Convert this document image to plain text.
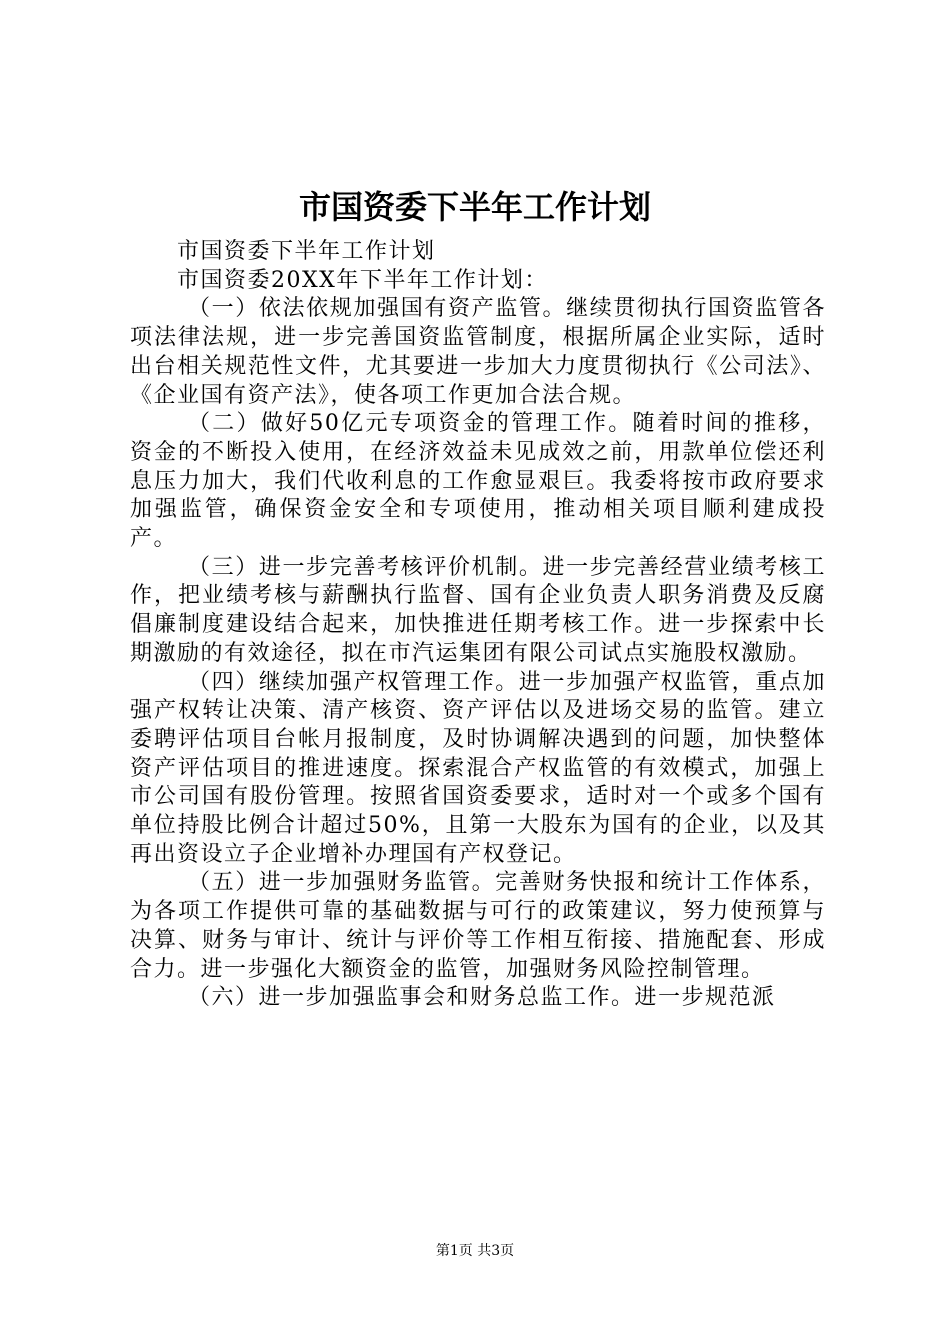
市国资委下半年工作计划

市国资委下半年工作计划

市国资委20XX年下半年工作计划：

（一）依法依规加强国有资产监管。继续贯彻执行国资监管各项法律法规，进一步完善国资监管制度，根据所属企业实际，适时出台相关规范性文件，尤其要进一步加大力度贯彻执行《公司法》、《企业国有资产法》，使各项工作更加合法合规。

（二）做好50亿元专项资金的管理工作。随着时间的推移，资金的不断投入使用，在经济效益未见成效之前，用款单位偿还利息压力加大，我们代收利息的工作愈显艰巨。我委将按市政府要求加强监管，确保资金安全和专项使用，推动相关项目顺利建成投产。

（三）进一步完善考核评价机制。进一步完善经营业绩考核工作，把业绩考核与薪酬执行监督、国有企业负责人职务消费及反腐倡廉制度建设结合起来，加快推进任期考核工作。进一步探索中长期激励的有效途径，拟在市汽运集团有限公司试点实施股权激励。

（四）继续加强产权管理工作。进一步加强产权监管，重点加强产权转让决策、清产核资、资产评估以及进场交易的监管。建立委聘评估项目台帐月报制度，及时协调解决遇到的问题，加快整体资产评估项目的推进速度。探索混合产权监管的有效模式，加强上市公司国有股份管理。按照省国资委要求，适时对一个或多个国有单位持股比例合计超过50%，且第一大股东为国有的企业，以及其再出资设立子企业增补办理国有产权登记。

（五）进一步加强财务监管。完善财务快报和统计工作体系，为各项工作提供可靠的基础数据与可行的政策建议，努力使预算与决算、财务与审计、统计与评价等工作相互衔接、措施配套、形成合力。进一步强化大额资金的监管，加强财务风险控制管理。

（六）进一步加强监事会和财务总监工作。进一步规范派

第1页 共3页
